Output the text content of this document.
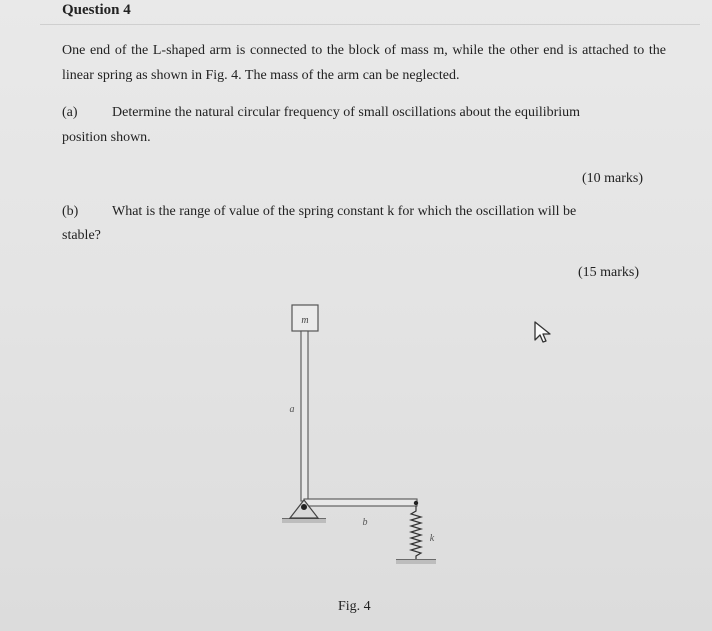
Question 4
One end of the L-shaped arm is connected to the block of mass m, while the other end is attached to the linear spring as shown in Fig. 4. The mass of the arm can be neglected.
(a)	Determine the natural circular frequency of small oscillations about the equilibrium
position shown.
(10 marks)
(b)	What is the range of value of the spring constant k for which the oscillation will be
stable?
(15 marks)
m
a
b
k
Fig. 4
